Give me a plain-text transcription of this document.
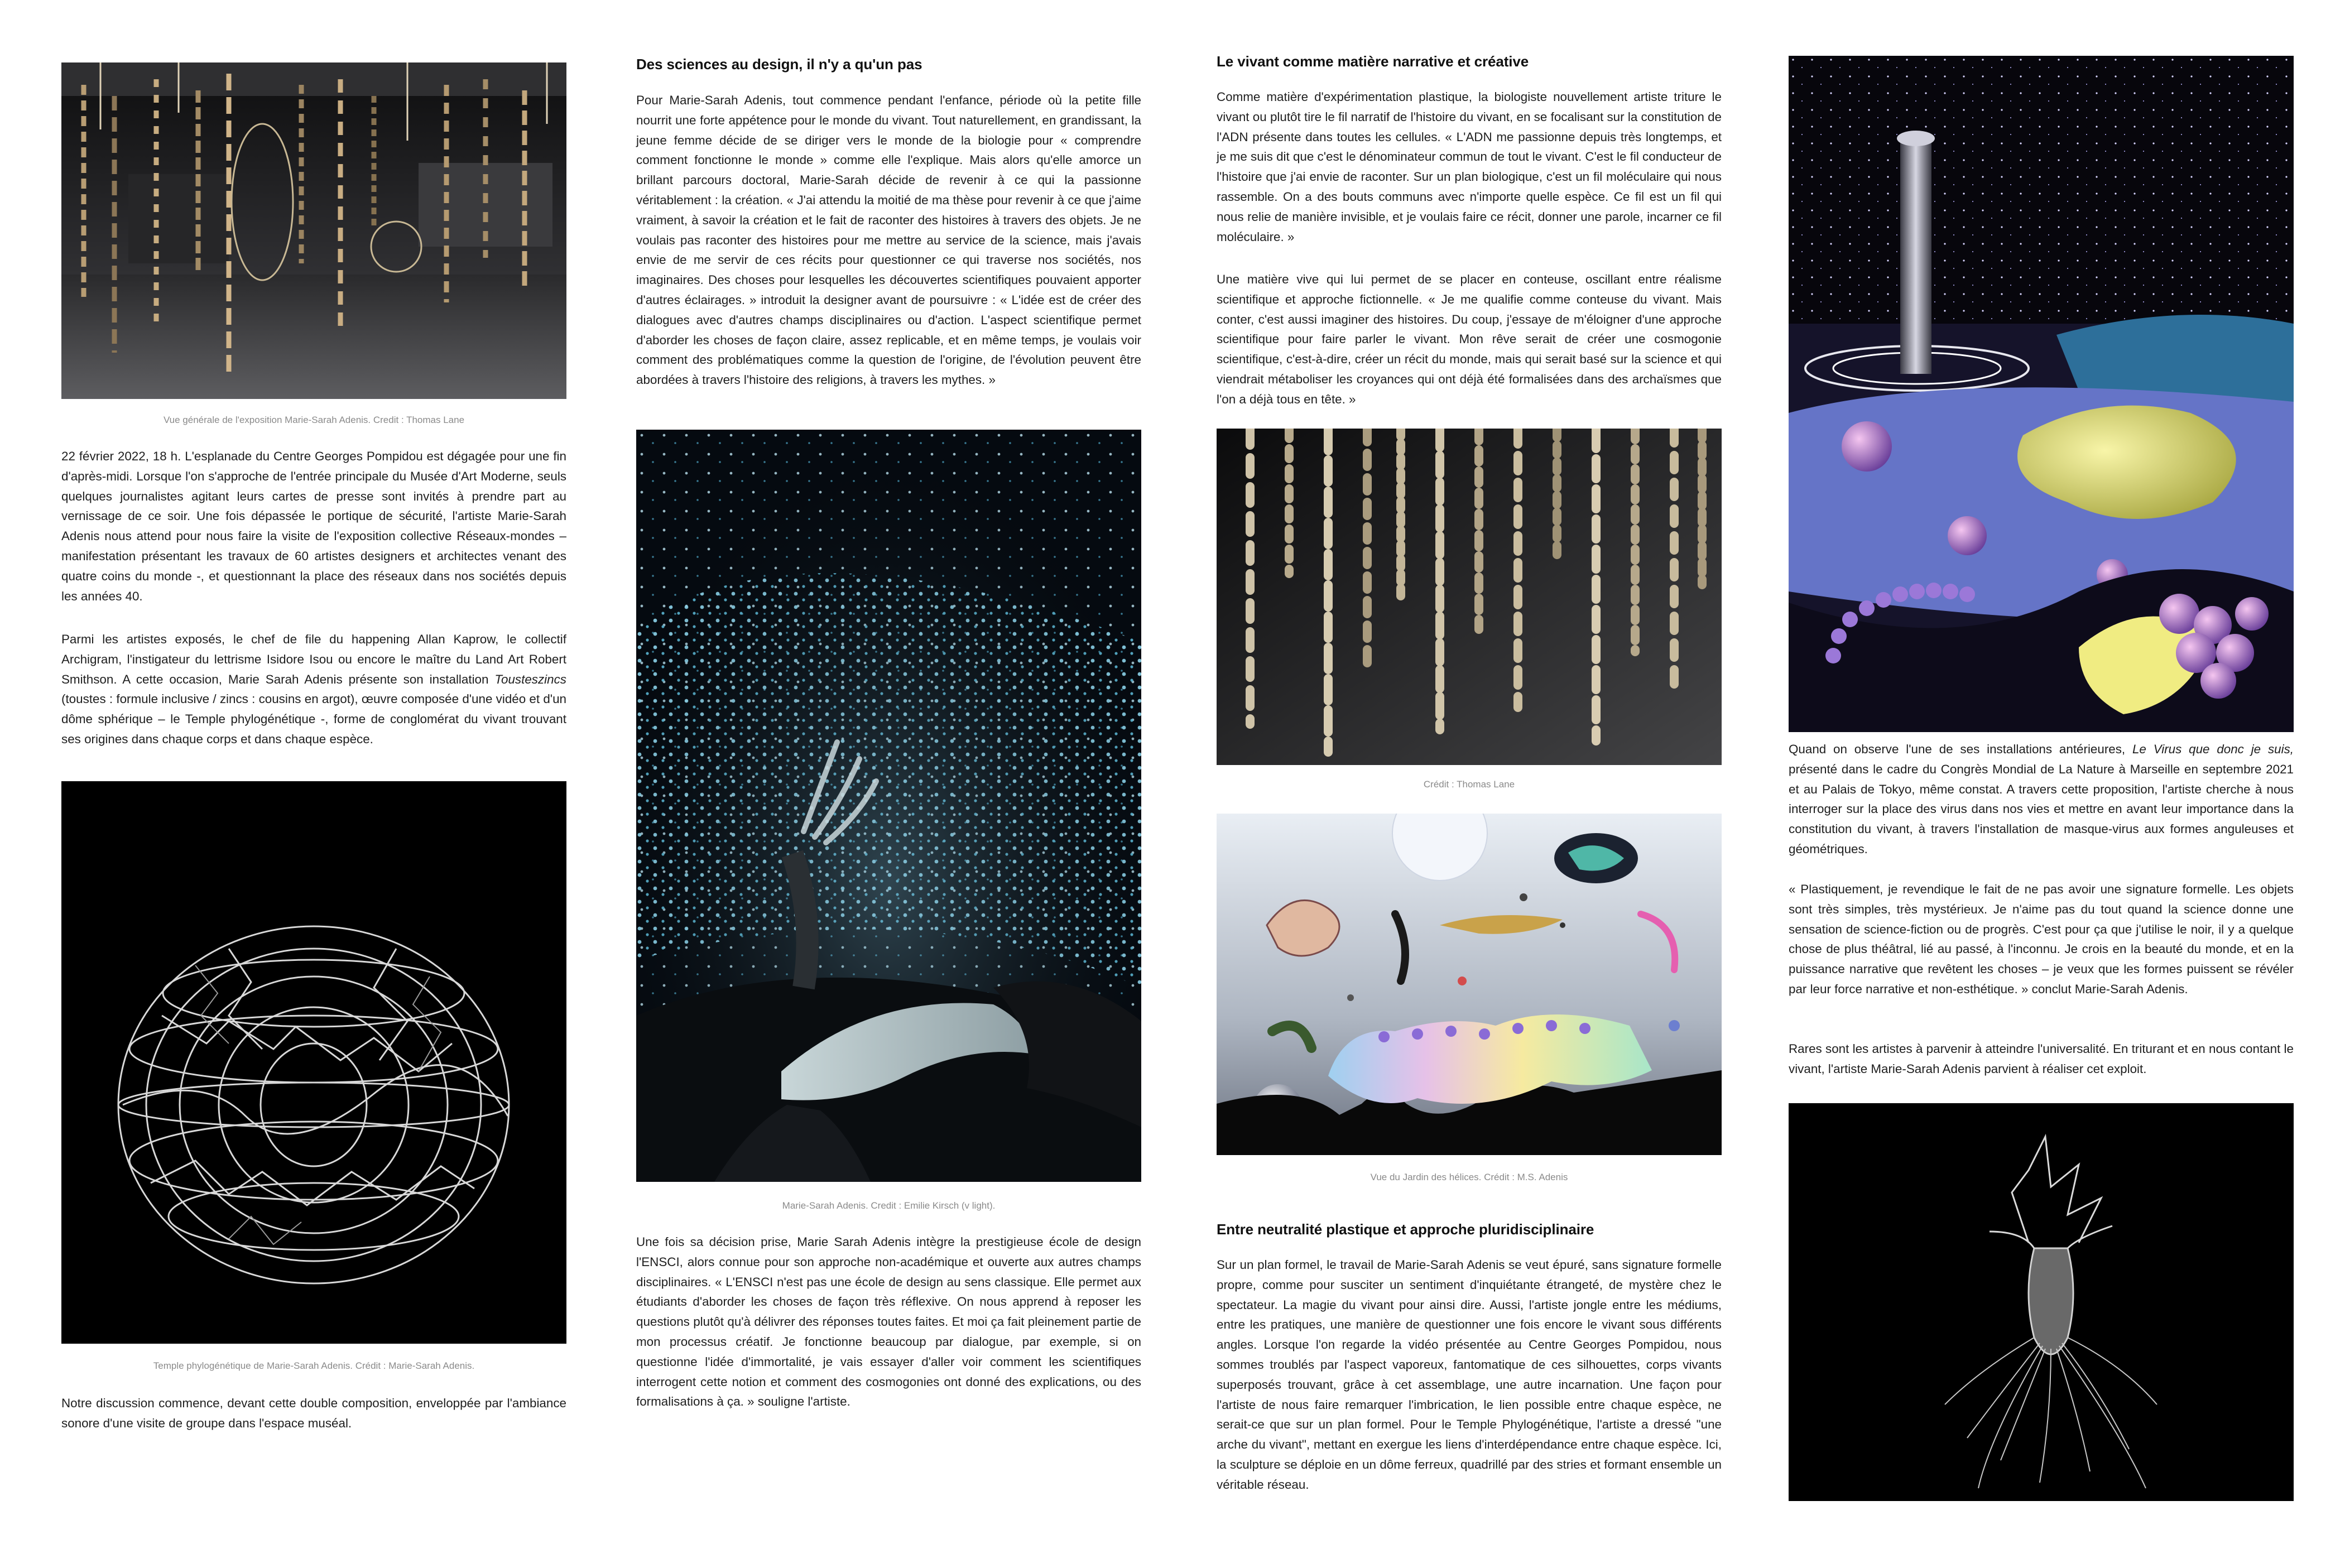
Vue générale de l'exposition Marie-Sarah Adenis. Credit : Thomas Lane

22 février 2022, 18 h. L'esplanade du Centre Georges Pompidou est dégagée pour une fin d'après-midi. Lorsque l'on s'approche de l'entrée principale du Musée d'Art Moderne, seuls quelques journalistes agitant leurs cartes de presse sont invités à prendre part au vernissage de ce soir. Une fois dépassée le portique de sécurité, l'artiste Marie-Sarah Adenis nous attend pour nous faire la visite de l'exposition collective Réseaux-mondes – manifestation présentant les travaux de 60 artistes designers et architectes venant des quatre coins du monde -, et questionnant la place des réseaux dans nos sociétés depuis les années 40.

Parmi les artistes exposés, le chef de file du happening Allan Kaprow, le collectif Archigram, l'instigateur du lettrisme Isidore Isou ou encore le maître du Land Art Robert Smithson. A cette occasion, Marie Sarah Adenis présente son installation Tousteszincs (toustes : formule inclusive / zincs : cousins en argot), œuvre composée d'une vidéo et d'un dôme sphérique – le Temple phylogénétique -, forme de conglomérat du vivant trouvant ses origines dans chaque corps et dans chaque espèce.

Temple phylogénétique de Marie-Sarah Adenis. Crédit : Marie-Sarah Adenis.

Notre discussion commence, devant cette double composition, enveloppée par l'ambiance sonore d'une visite de groupe dans l'espace muséal.

Des sciences au design, il n'y a qu'un pas

Pour Marie-Sarah Adenis, tout commence pendant l'enfance, période où la petite fille nourrit une forte appétence pour le monde du vivant. Tout naturellement, en grandissant, la jeune femme décide de se diriger vers le monde de la biologie pour « comprendre comment fonctionne le monde » comme elle l'explique. Mais alors qu'elle amorce un brillant parcours doctoral, Marie-Sarah décide de revenir à ce qui la passionne véritablement : la création. « J'ai attendu la moitié de ma thèse pour revenir à ce que j'aime vraiment, à savoir la création et le fait de raconter des histoires à travers des objets. Je ne voulais pas raconter des histoires pour me mettre au service de la science, mais j'avais envie de me servir de ces récits pour questionner ce qui traverse nos sociétés, nos imaginaires. Des choses pour lesquelles les découvertes scientifiques pouvaient apporter d'autres éclairages. » introduit la designer avant de poursuivre : « L'idée est de créer des dialogues avec d'autres champs disciplinaires ou d'action. L'aspect scientifique permet d'aborder les choses de façon claire, assez replicable, et en même temps, je voulais voir comment des problématiques comme la question de l'origine, de l'évolution peuvent être abordées à travers l'histoire des religions, à travers les mythes. »

Marie-Sarah Adenis. Credit : Emilie Kirsch (v light).

Une fois sa décision prise, Marie Sarah Adenis intègre la prestigieuse école de design l'ENSCI, alors connue pour son approche non-académique et ouverte aux autres champs disciplinaires. « L'ENSCI n'est pas une école de design au sens classique. Elle permet aux étudiants d'aborder les choses de façon très réflexive. On nous apprend à reposer les questions plutôt qu'à délivrer des réponses toutes faites. Et moi ça fait pleinement partie de mon processus créatif. Je fonctionne beaucoup par dialogue, par exemple, si on questionne l'idée d'immortalité, je vais essayer d'aller voir comment les scientifiques interrogent cette notion et comment des cosmogonies ont donné des explications, ou des formalisations à ça. » souligne l'artiste.

Le vivant comme matière narrative et créative

Comme matière d'expérimentation plastique, la biologiste nouvellement artiste triture le vivant ou plutôt tire le fil narratif de l'histoire du vivant, en se focalisant sur la constitution de l'ADN présente dans toutes les cellules. « L'ADN me passionne depuis très longtemps, et je me suis dit que c'est le dénominateur commun de tout le vivant. C'est le fil conducteur de l'histoire que j'ai envie de raconter. Sur un plan biologique, c'est un fil moléculaire qui nous rassemble. On a des bouts communs avec n'importe quelle espèce. Ce fil est un fil qui nous relie de manière invisible, et je voulais faire ce récit, donner une parole, incarner ce fil moléculaire. »

Une matière vive qui lui permet de se placer en conteuse, oscillant entre réalisme scientifique et approche fictionnelle. « Je me qualifie comme conteuse du vivant. Mais conter, c'est aussi imaginer des histoires. Du coup, j'essaye de m'éloigner d'une approche scientifique pour faire parler le vivant. Mon rêve serait de créer une cosmogonie scientifique, c'est-à-dire, créer un récit du monde, mais qui serait basé sur la science et qui viendrait métaboliser les croyances qui ont déjà été formalisées dans des archaïsmes que l'on a déjà tous en tête. »

Crédit : Thomas Lane

Vue du Jardin des hélices. Crédit : M.S. Adenis

Entre neutralité plastique et approche pluridisciplinaire

Sur un plan formel, le travail de Marie-Sarah Adenis se veut épuré, sans signature formelle propre, comme pour susciter un sentiment d'inquiétante étrangeté, de mystère chez le spectateur. La magie du vivant pour ainsi dire. Aussi, l'artiste jongle entre les médiums, entre les pratiques, une manière de questionner une fois encore le vivant sous différents angles. Lorsque l'on regarde la vidéo présentée au Centre Georges Pompidou, nous sommes troublés par l'aspect vaporeux, fantomatique de ces silhouettes, corps vivants superposés trouvant, grâce à cet assemblage, une autre incarnation. Une façon pour l'artiste de nous faire remarquer l'imbrication, le lien possible entre chaque espèce, ne serait-ce que sur un plan formel. Pour le Temple Phylogénétique, l'artiste a dressé "une arche du vivant", mettant en exergue les liens d'interdépendance entre chaque espèce. Ici, la sculpture se déploie en un dôme ferreux, quadrillé par des stries et formant ensemble un véritable réseau.

Quand on observe l'une de ses installations antérieures, Le Virus que donc je suis, présenté dans le cadre du Congrès Mondial de La Nature à Marseille en septembre 2021 et au Palais de Tokyo, même constat. A travers cette proposition, l'artiste cherche à nous interroger sur la place des virus dans nos vies et mettre en avant leur importance dans la constitution du vivant, à travers l'installation de masque-virus aux formes anguleuses et géométriques.

« Plastiquement, je revendique le fait de ne pas avoir une signature formelle. Les objets sont très simples, très mystérieux. Je n'aime pas du tout quand la science donne une sensation de science-fiction ou de progrès. C'est pour ça que j'utilise le noir, il y a quelque chose de plus théâtral, lié au passé, à l'inconnu. Je crois en la beauté du monde, et en la puissance narrative que revêtent les choses – je veux que les formes puissent se révéler par leur force narrative et non-esthétique. » conclut Marie-Sarah Adenis.

Rares sont les artistes à parvenir à atteindre l'universalité. En triturant et en nous contant le vivant, l'artiste Marie-Sarah Adenis parvient à réaliser cet exploit.
